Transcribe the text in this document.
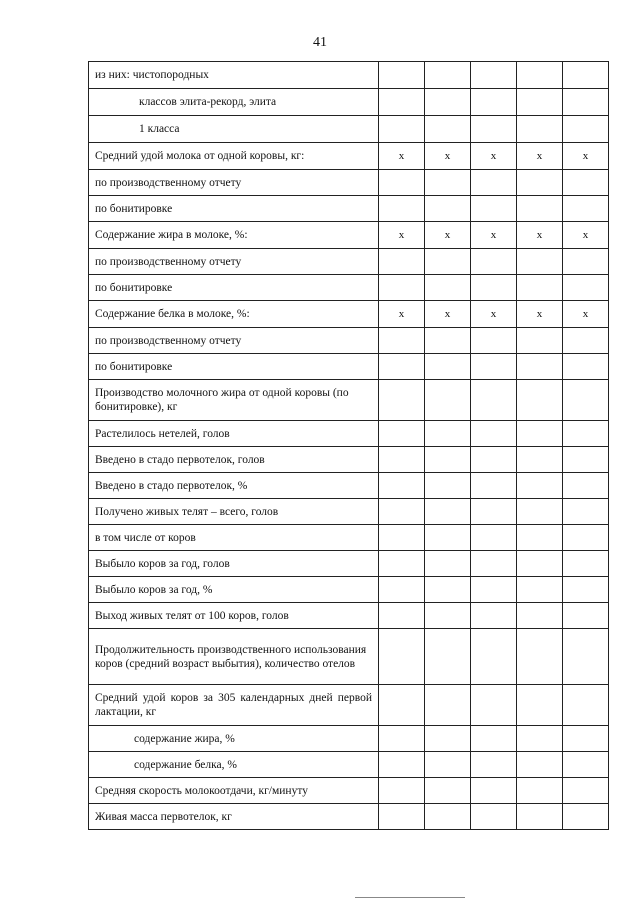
41
из них: чистопородных					
классов элита-рекорд, элита					
1 класса					
Средний удой молока от одной коровы, кг:	x	x	x	x	x
по производственному отчету					
по бонитировке					
Содержание жира в молоке, %:	x	x	x	x	x
по производственному отчету					
по бонитировке					
Содержание белка в молоке, %:	x	x	x	x	x
по производственному отчету					
по бонитировке					
Производство молочного жира от одной коровы (по бонитировке), кг					
Растелилось нетелей, голов					
Введено в стадо первотелок, голов					
Введено в стадо первотелок, %					
Получено живых телят – всего, голов					
в том числе от коров					
Выбыло коров за год, голов					
Выбыло коров за год, %					
Выход живых телят от 100 коров, голов					
Продолжительность производственного использования коров (средний возраст выбытия), количество отелов					
Средний удой коров за 305 календарных дней первой лактации, кг					
содержание жира, %					
содержание белка, %					
Средняя скорость молокоотдачи, кг/минуту					
Живая масса первотелок, кг					
